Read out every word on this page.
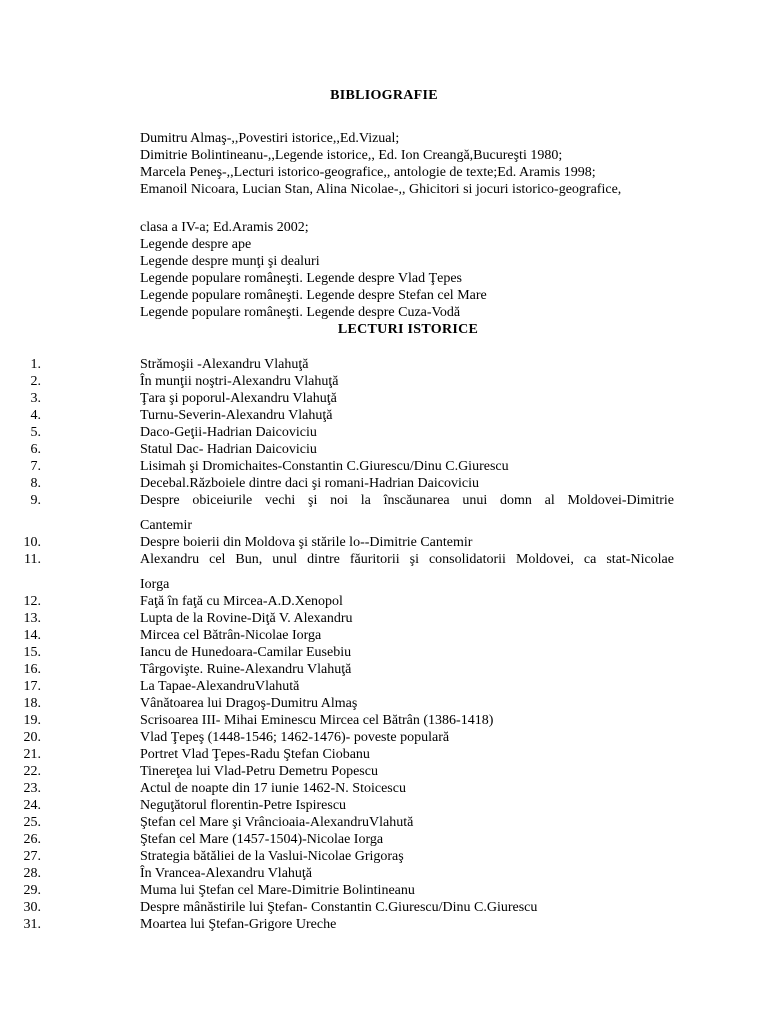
BIBLIOGRAFIE
Dumitru Almaş-,,Povestiri istorice,,Ed.Vizual;
Dimitrie Bolintineanu-,,Legende istorice,, Ed. Ion Creangă,Bucureşti 1980;
Marcela Peneş-,,Lecturi istorico-geografice,, antologie de texte;Ed. Aramis 1998;
Emanoil Nicoara, Lucian Stan, Alina Nicolae-,, Ghicitori si jocuri istorico-geografice,
clasa a IV-a; Ed.Aramis 2002;
Legende despre ape
Legende despre munţi şi dealuri
Legende populare româneşti. Legende despre Vlad Ţepes
Legende populare româneşti. Legende despre Stefan cel Mare
Legende populare româneşti. Legende despre Cuza-Vodă
LECTURI ISTORICE
1.	Strămoşii -Alexandru Vlahuţă
2.	În munţii noştri-Alexandru Vlahuţă
3.	Ţara şi poporul-Alexandru Vlahuţă
4.	Turnu-Severin-Alexandru Vlahuţă
5.	Daco-Geţii-Hadrian Daicoviciu
6.	Statul Dac- Hadrian Daicoviciu
7.	Lisimah şi Dromichaites-Constantin C.Giurescu/Dinu C.Giurescu
8.	Decebal.Războiele dintre daci şi romani-Hadrian Daicoviciu
9.	Despre obiceiurile vechi şi noi la înscăunarea unui domn al Moldovei-Dimitrie
Cantemir
10.	Despre boierii din Moldova şi stările lo--Dimitrie Cantemir
11.	Alexandru cel Bun, unul dintre făuritorii şi consolidatorii Moldovei, ca stat-Nicolae
Iorga
12.	Faţă în faţă cu Mircea-A.D.Xenopol
13.	Lupta de la Rovine-Diţă V. Alexandru
14.	Mircea cel Bătrân-Nicolae Iorga
15.	Iancu de Hunedoara-Camilar Eusebiu
16.	Târgovişte. Ruine-Alexandru Vlahuţă
17.	La Tapae-AlexandruVlahută
18.	Vânătoarea lui Dragoş-Dumitru Almaş
19.	Scrisoarea III- Mihai Eminescu Mircea cel Bătrân (1386-1418)
20.	Vlad Ţepeş (1448-1546; 1462-1476)- poveste populară
21.	Portret Vlad Ţepes-Radu Ştefan Ciobanu
22.	Tinereţea lui Vlad-Petru Demetru Popescu
23.	Actul de noapte din 17 iunie 1462-N. Stoicescu
24.	Neguţătorul florentin-Petre Ispirescu
25.	Ştefan cel Mare şi Vrâncioaia-AlexandruVlahută
26.	Ştefan cel Mare (1457-1504)-Nicolae Iorga
27.	Strategia bătăliei de la Vaslui-Nicolae Grigoraş
28.	În Vrancea-Alexandru Vlahuţă
29.	Muma lui Ştefan cel Mare-Dimitrie Bolintineanu
30.	Despre mânăstirile lui Ştefan- Constantin C.Giurescu/Dinu C.Giurescu
31.	Moartea lui Ştefan-Grigore Ureche
